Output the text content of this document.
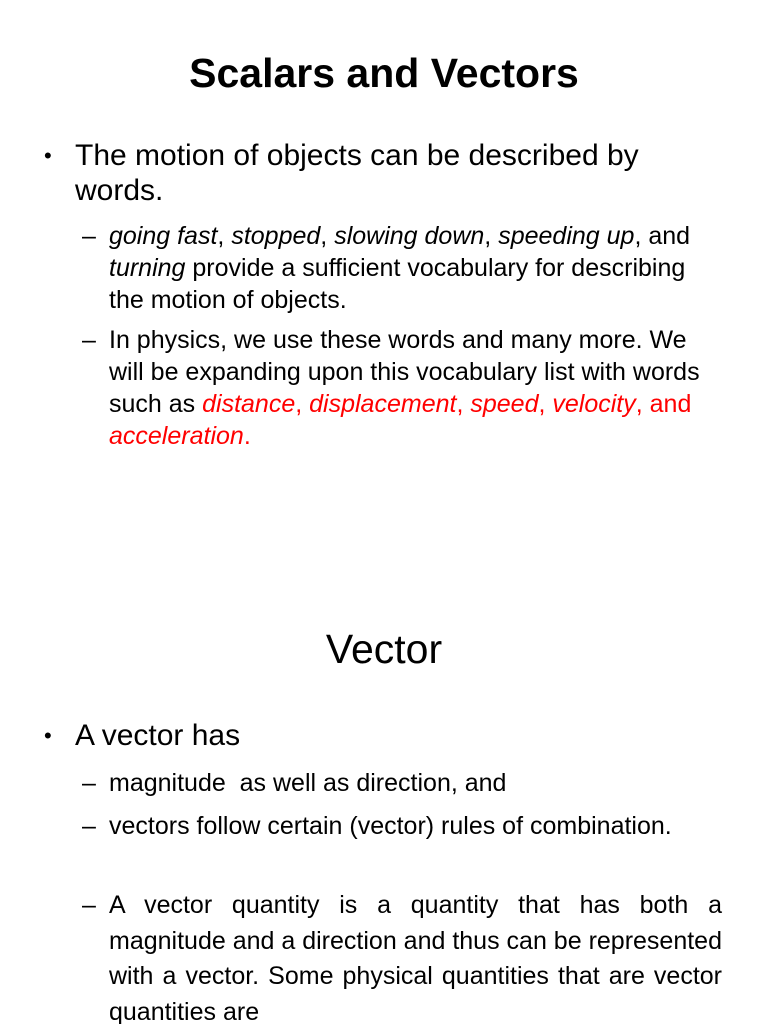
Scalars and Vectors
• The motion of objects can be described by words.
– going fast, stopped, slowing down, speeding up, and turning provide a sufficient vocabulary for describing the motion of objects.
– In physics, we use these words and many more. We will be expanding upon this vocabulary list with words such as distance, displacement, speed, velocity, and acceleration.
Vector
• A vector has
– magnitude  as well as direction, and
– vectors follow certain (vector) rules of combination.
– A vector quantity is a quantity that has both a magnitude and a direction and thus can be represented with a vector. Some physical quantities that are vector quantities are
